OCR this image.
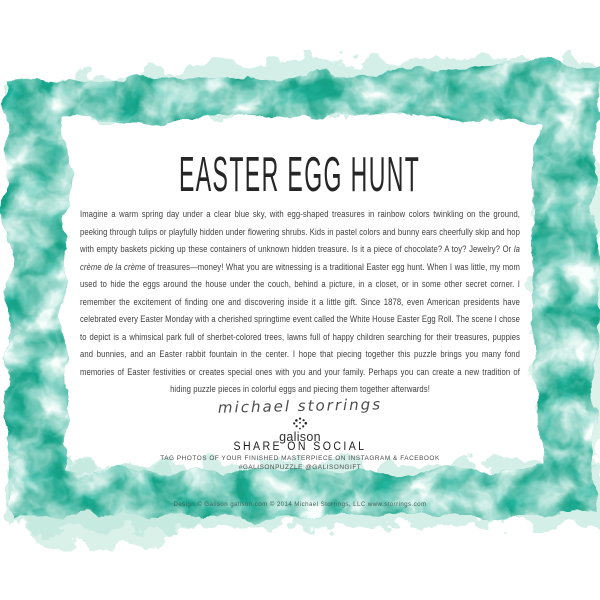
EASTER EGG HUNT

Imagine a warm spring day under a clear blue sky, with egg-shaped treasures in rainbow colors twinkling on the ground, peeking through tulips or playfully hidden under flowering shrubs. Kids in pastel colors and bunny ears cheerfully skip and hop with empty baskets picking up these containers of unknown hidden treasure. Is it a piece of chocolate? A toy? Jewelry? Or la crème de la crème of treasures—money! What you are witnessing is a traditional Easter egg hunt. When I was little, my mom used to hide the eggs around the house under the couch, behind a picture, in a closet, or in some other secret corner. I remember the excitement of finding one and discovering inside it a little gift. Since 1878, even American presidents have celebrated every Easter Monday with a cherished springtime event called the White House Easter Egg Roll. The scene I chose to depict is a whimsical park full of sherbet-colored trees, lawns full of happy children searching for their treasures, puppies and bunnies, and an Easter rabbit fountain in the center. I hope that piecing together this puzzle brings you many fond memories of Easter festivities or creates special ones with you and your family. Perhaps you can create a new tradition of hiding puzzle pieces in colorful eggs and piecing them together afterwards!

michael storrings
galison
SHARE ON SOCIAL
TAG PHOTOS OF YOUR FINISHED MASTERPIECE ON INSTAGRAM & FACEBOOK
#GALISONPUZZLE @GALISONGIFT
Design © Galison galison.com © 2014 Michael Storrings, LLC www.storrings.com
